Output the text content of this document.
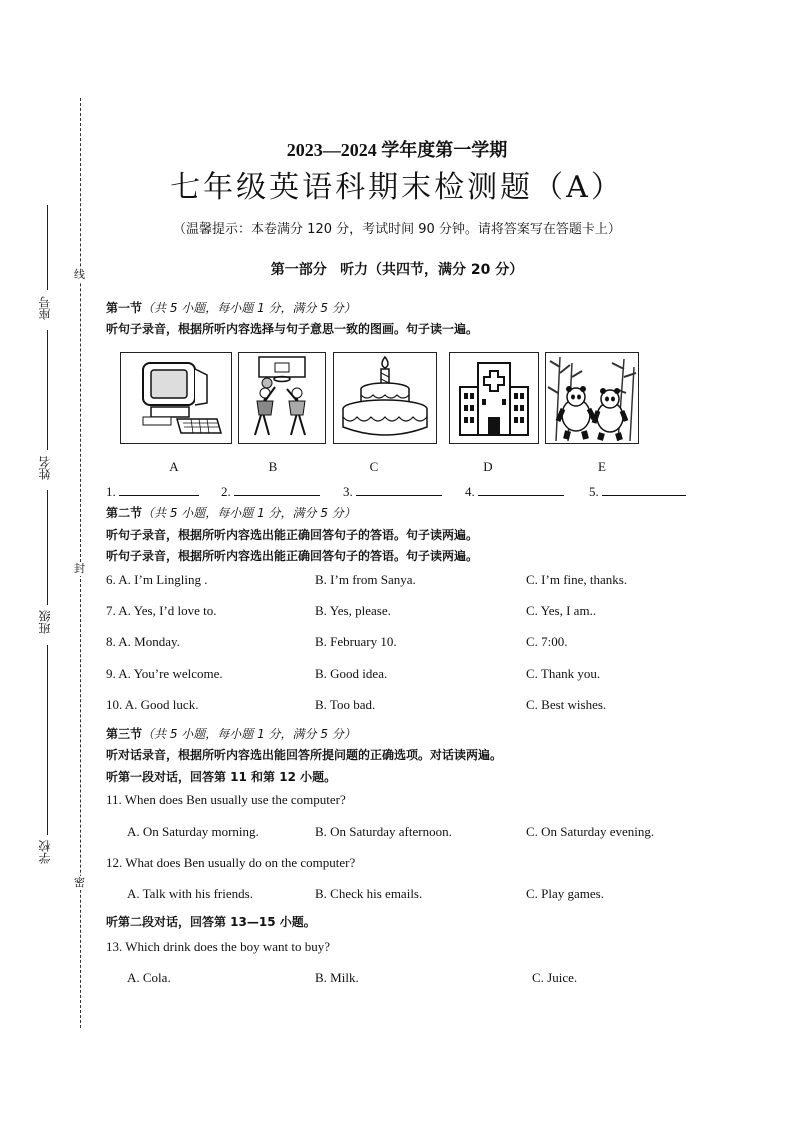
座号
姓名
班级
学校
线
封
密
2023—2024 学年度第一学期
七年级英语科期末检测题（A）
（温馨提示：本卷满分 120 分，考试时间 90 分钟。请将答案写在答题卡上）
第一部分 听力（共四节，满分 20 分）
第一节（共 5 小题，每小题 1 分，满分 5 分）
听句子录音，根据所听内容选择与句子意思一致的图画。句子读一遍。
A	B	C	D	E
1.	2.	3.	4.	5.
第二节（共 5 小题，每小题 1 分，满分 5 分）
听句子录音，根据所听内容选出能正确回答句子的答语。句子读两遍。
听句子录音，根据所听内容选出能正确回答句子的答语。句子读两遍。
6. A. I’m Lingling .	B. I’m from Sanya.	C. I’m fine, thanks.
7. A. Yes, I’d love to.	B. Yes, please.	C. Yes, I am..
8. A. Monday.	B. February 10.	C. 7:00.
9. A. You’re welcome.	B. Good idea.	C. Thank you.
10. A. Good luck.	B. Too bad.	C. Best wishes.
第三节（共 5 小题，每小题 1 分，满分 5 分）
听对话录音，根据所听内容选出能回答所提问题的正确选项。对话读两遍。
听第一段对话，回答第 11 和第 12 小题。
11. When does Ben usually use the computer?
A. On Saturday morning.	B. On Saturday afternoon.	C. On Saturday evening.
12. What does Ben usually do on the computer?
A. Talk with his friends.	B. Check his emails.	C. Play games.
听第二段对话，回答第 13—15 小题。
13. Which drink does the boy want to buy?
A. Cola.	B. Milk.	C. Juice.
